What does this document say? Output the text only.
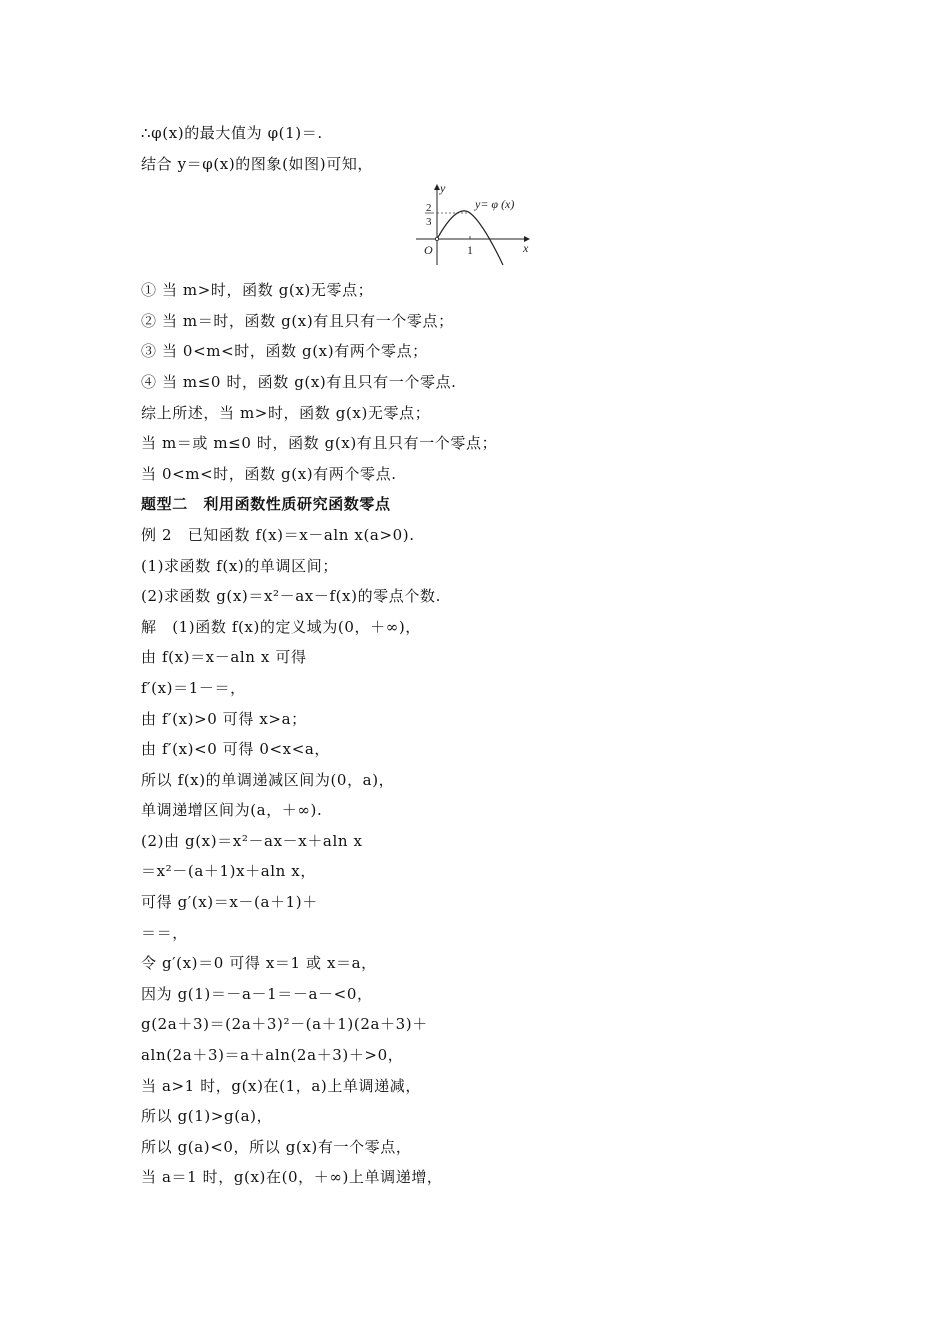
∴φ(x)的最大值为 φ(1)＝.
结合 y＝φ(x)的图象(如图)可知，
y
x
O	1
2
3
y= φ (x)
① 当 m>时，函数 g(x)无零点；
② 当 m＝时，函数 g(x)有且只有一个零点；
③ 当 0<m<时，函数 g(x)有两个零点；
④ 当 m≤0 时，函数 g(x)有且只有一个零点.
综上所述，当 m>时，函数 g(x)无零点；
当 m＝或 m≤0 时，函数 g(x)有且只有一个零点；
当 0<m<时，函数 g(x)有两个零点.
题型二　利用函数性质研究函数零点
例 2　已知函数 f(x)＝x－aln x(a>0).
(1)求函数 f(x)的单调区间；
(2)求函数 g(x)＝x²－ax－f(x)的零点个数.
解　(1)函数 f(x)的定义域为(0，＋∞)，
由 f(x)＝x－aln x 可得
f′(x)＝1－＝，
由 f′(x)>0 可得 x>a；
由 f′(x)<0 可得 0<x<a，
所以 f(x)的单调递减区间为(0，a)，
单调递增区间为(a，＋∞).
(2)由 g(x)＝x²－ax－x＋aln x
＝x²－(a＋1)x＋aln x，
可得 g′(x)＝x－(a＋1)＋
＝＝，
令 g′(x)＝0 可得 x＝1 或 x＝a，
因为 g(1)＝－a－1＝－a－<0，
g(2a＋3)＝(2a＋3)²－(a＋1)(2a＋3)＋
aln(2a＋3)＝a＋aln(2a＋3)＋>0，
当 a>1 时，g(x)在(1，a)上单调递减，
所以 g(1)>g(a)，
所以 g(a)<0，所以 g(x)有一个零点，
当 a＝1 时，g(x)在(0，＋∞)上单调递增，
